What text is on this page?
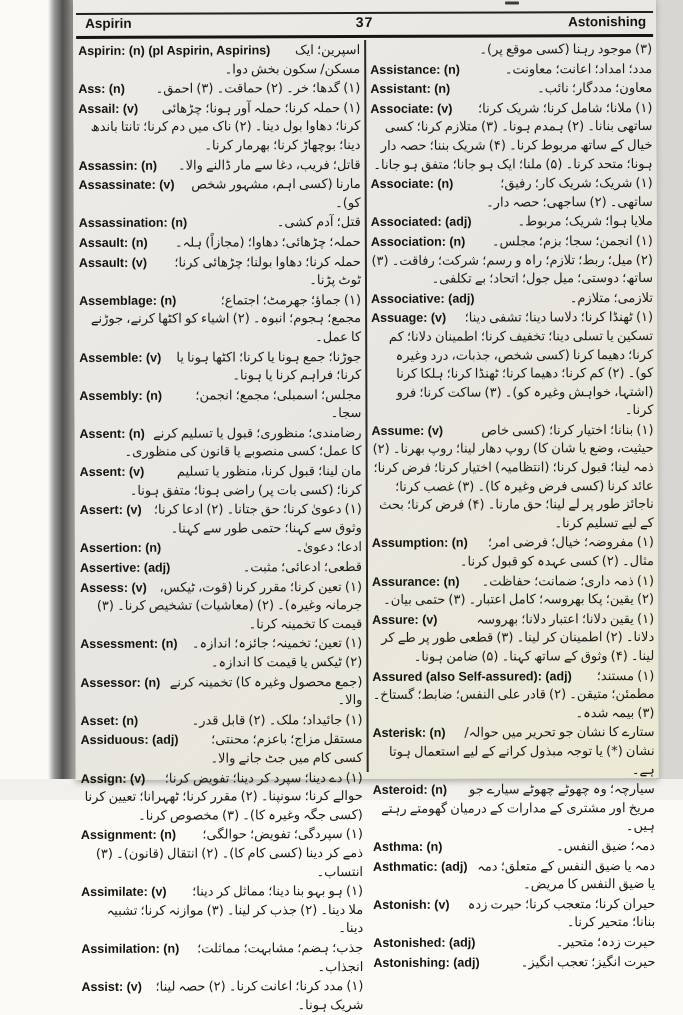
Aspirin	37	Astonishing
Aspirin: (n) (pl Aspirin, Aspirins)	اسپرین؛ ایک مسکن/ سکون بخش دوا۔
Ass: (n)	(۱) گدھا؛ خر۔ (۲) حماقت۔ (۳) احمق۔
Assail: (v)	(۱) حملہ کرنا؛ حملہ آور ہونا؛ چڑھائی کرنا؛ دھاوا بول دینا۔ (۲) ناک میں دم کرنا؛ تانتا باندھ دینا؛ بوچھاڑ کرنا؛ بھرمار کرنا۔
Assassin: (n)	قاتل؛ فریب، دغا سے مار ڈالنے والا۔
Assassinate: (v)	مارنا (کسی اہم، مشہور شخص کو)۔
Assassination: (n)	قتل؛ آدم کشی۔
Assault: (n)	حملہ؛ چڑھائی؛ دھاوا؛ (مجازاً) ہلہ۔
Assault: (v)	حملہ کرنا؛ دھاوا بولنا؛ چڑھائی کرنا؛ ٹوٹ پڑنا۔
Assemblage: (n)	(۱) جماؤ؛ جھرمٹ؛ اجتماع؛ مجمع؛ ہجوم؛ انبوہ۔ (۲) اشیاء کو اکٹھا کرنے، جوڑنے کا عمل۔
Assemble: (v)	جوڑنا؛ جمع ہونا یا کرنا؛ اکٹھا ہونا یا کرنا؛ فراہم کرنا یا ہونا۔
Assembly: (n)	مجلس؛ اسمبلی؛ مجمع؛ انجمن؛ سجا۔
Assent: (n) رضامندی؛ منظوری؛ قبول یا تسلیم کرنے کا عمل؛ کسی منصوبے یا قانون کی منظوری۔
Assent: (v)	مان لینا؛ قبول کرنا، منظور یا تسلیم کرنا؛ (کسی بات پر) راضی ہونا؛ متفق ہونا۔
Assert: (v) (۱) دعویٰ کرنا؛ حق جتانا۔ (۲) ادعا کرنا؛ وثوق سے کہنا؛ حتمی طور سے کہنا۔
Assertion: (n)	ادعا؛ دعویٰ۔
Assertive: (adj)	قطعی؛ ادعائی؛ مثبت۔
Assess: (v) (۱) تعین کرنا؛ مقرر کرنا (قوت، ٹیکس، جرمانہ وغیرہ)۔ (۲) (معاشیات) تشخیص کرنا۔ (۳) قیمت کا تخمینہ کرنا۔
Assessment: (n)	(۱) تعین؛ تخمینہ؛ جائزہ؛ اندازہ۔ (۲) ٹیکس یا قیمت کا اندازہ۔
Assessor: (n) (جمع محصول وغیرہ کا) تخمینہ کرنے والا۔
Asset: (n)	(۱) جائیداد؛ ملک۔ (۲) قابل قدر۔
Assiduous: (adj)	مستقل مزاج؛ باعزم؛ محنتی؛ کسی کام میں جٹ جانے والا۔
Assign: (v)	(۱) دے دینا؛ سپرد کر دینا؛ تفویض کرنا؛ حوالے کرنا؛ سونپنا۔ (۲) مقرر کرنا؛ ٹھہرانا؛ تعیین کرنا (کسی جگہ وغیرہ کا)۔ (۳) مخصوص کرنا۔
Assignment: (n)	(۱) سپردگی؛ تفویض؛ حوالگی؛ ذمے کر دینا (کسی کام کا)۔ (۲) انتقال (قانون)۔ (۳) انتساب۔
Assimilate: (v)	(۱) ہو بہو بنا دینا؛ مماثل کر دینا؛ ملا دینا۔ (۲) جذب کر لینا۔ (۳) موازنہ کرنا؛ تشبیہ دینا۔
Assimilation: (n)	جذب؛ ہضم؛ مشابہت؛ مماثلت؛ انجذاب۔
Assist: (v)	(۱) مدد کرنا؛ اعانت کرنا۔ (۲) حصہ لینا؛ شریک ہونا۔
(۳) موجود رہنا (کسی موقع پر)۔
Assistance: (n)	مدد؛ امداد؛ اعانت؛ معاونت۔
Assistant: (n)	معاون؛ مددگار؛ نائب۔
Associate: (v)	(۱) ملانا؛ شامل کرنا؛ شریک کرنا؛ ساتھی بنانا۔ (۲) ہمدم ہونا۔ (۳) متلازم کرنا؛ کسی خیال کے ساتھ مربوط کرنا۔ (۴) شریک بننا؛ حصہ دار ہونا؛ متحد کرنا۔ (۵) ملنا؛ ایک ہو جانا؛ متفق ہو جانا۔
Associate: (n)	(۱) شریک؛ شریک کار؛ رفیق؛ ساتھی۔ (۲) ساجھی؛ حصہ دار۔
Associated: (adj)	ملایا ہوا؛ شریک؛ مربوط۔
Association: (n)	(۱) انجمن؛ سجا؛ بزم؛ مجلس۔ (۲) میل؛ ربط؛ تلازم؛ راہ و رسم؛ شرکت؛ رفاقت۔ (۳) ساتھ؛ دوستی؛ میل جول؛ اتحاد؛ بے تکلفی۔
Associative: (adj)	تلازمی؛ متلازم۔
Assuage: (v)	(۱) ٹھنڈا کرنا؛ دلاسا دینا؛ تشفی دینا؛ تسکین یا تسلی دینا؛ تخفیف کرنا؛ اطمینان دلانا؛ کم کرنا؛ دھیما کرنا (کسی شخص، جذبات، درد وغیرہ کو)۔ (۲) کم کرنا؛ دھیما کرنا؛ ٹھنڈا کرنا؛ ہلکا کرنا (اشتہا، خواہش وغیرہ کو)۔ (۳) ساکت کرنا؛ فرو کرنا۔
Assume: (v)	(۱) بنانا؛ اختیار کرنا؛ (کسی خاص حیثیت، وضع یا شان کا) روپ دھار لینا؛ روپ بھرنا۔ (۲) ذمہ لینا؛ قبول کرنا؛ (انتظامیہ) اختیار کرنا؛ فرض کرنا؛ عائد کرنا (کسی فرض وغیرہ کا)۔ (۳) غصب کرنا؛ ناجائز طور پر لے لینا؛ حق مارنا۔ (۴) فرض کرنا؛ بحث کے لیے تسلیم کرنا۔
Assumption: (n)	(۱) مفروضہ؛ خیال؛ فرضی امر؛ مثال۔ (۲) کسی عہدہ کو قبول کرنا۔
Assurance: (n)	(۱) ذمہ داری؛ ضمانت؛ حفاظت۔ (۲) یقین؛ پکا بھروسہ؛ کامل اعتبار۔ (۳) حتمی بیان۔
Assure: (v)	(۱) یقین دلانا؛ اعتبار دلانا؛ بھروسہ دلانا۔ (۲) اطمینان کر لینا۔ (۳) قطعی طور پر طے کر لینا۔ (۴) وثوق کے ساتھ کہنا۔ (۵) ضامن ہونا۔
Assured (also Self-assured): (adj)	(۱) مستند؛ مطمئن؛ متیقن۔ (۲) قادر علی النفس؛ ضابط؛ گستاخ۔ (۳) بیمہ شدہ۔
Asterisk: (n)	ستارے کا نشان جو تحریر میں حوالہ/نشان (*) یا توجہ مبذول کرانے کے لیے استعمال ہوتا ہے۔
Asteroid: (n)	سیارچہ؛ وہ چھوٹے چھوٹے سیارے جو مریخ اور مشتری کے مدارات کے درمیان گھومتے رہتے ہیں۔
Asthma: (n)	دمہ؛ ضیق النفس۔
Asthmatic: (adj) دمہ یا ضیق النفس کے متعلق؛ دمہ یا ضیق النفس کا مریض۔
Astonish: (v)	حیران کرنا؛ متعجب کرنا؛ حیرت زدہ بنانا؛ متحیر کرنا۔
Astonished: (adj)	حیرت زدہ؛ متحیر۔
Astonishing: (adj)	حیرت انگیز؛ تعجب انگیز۔
